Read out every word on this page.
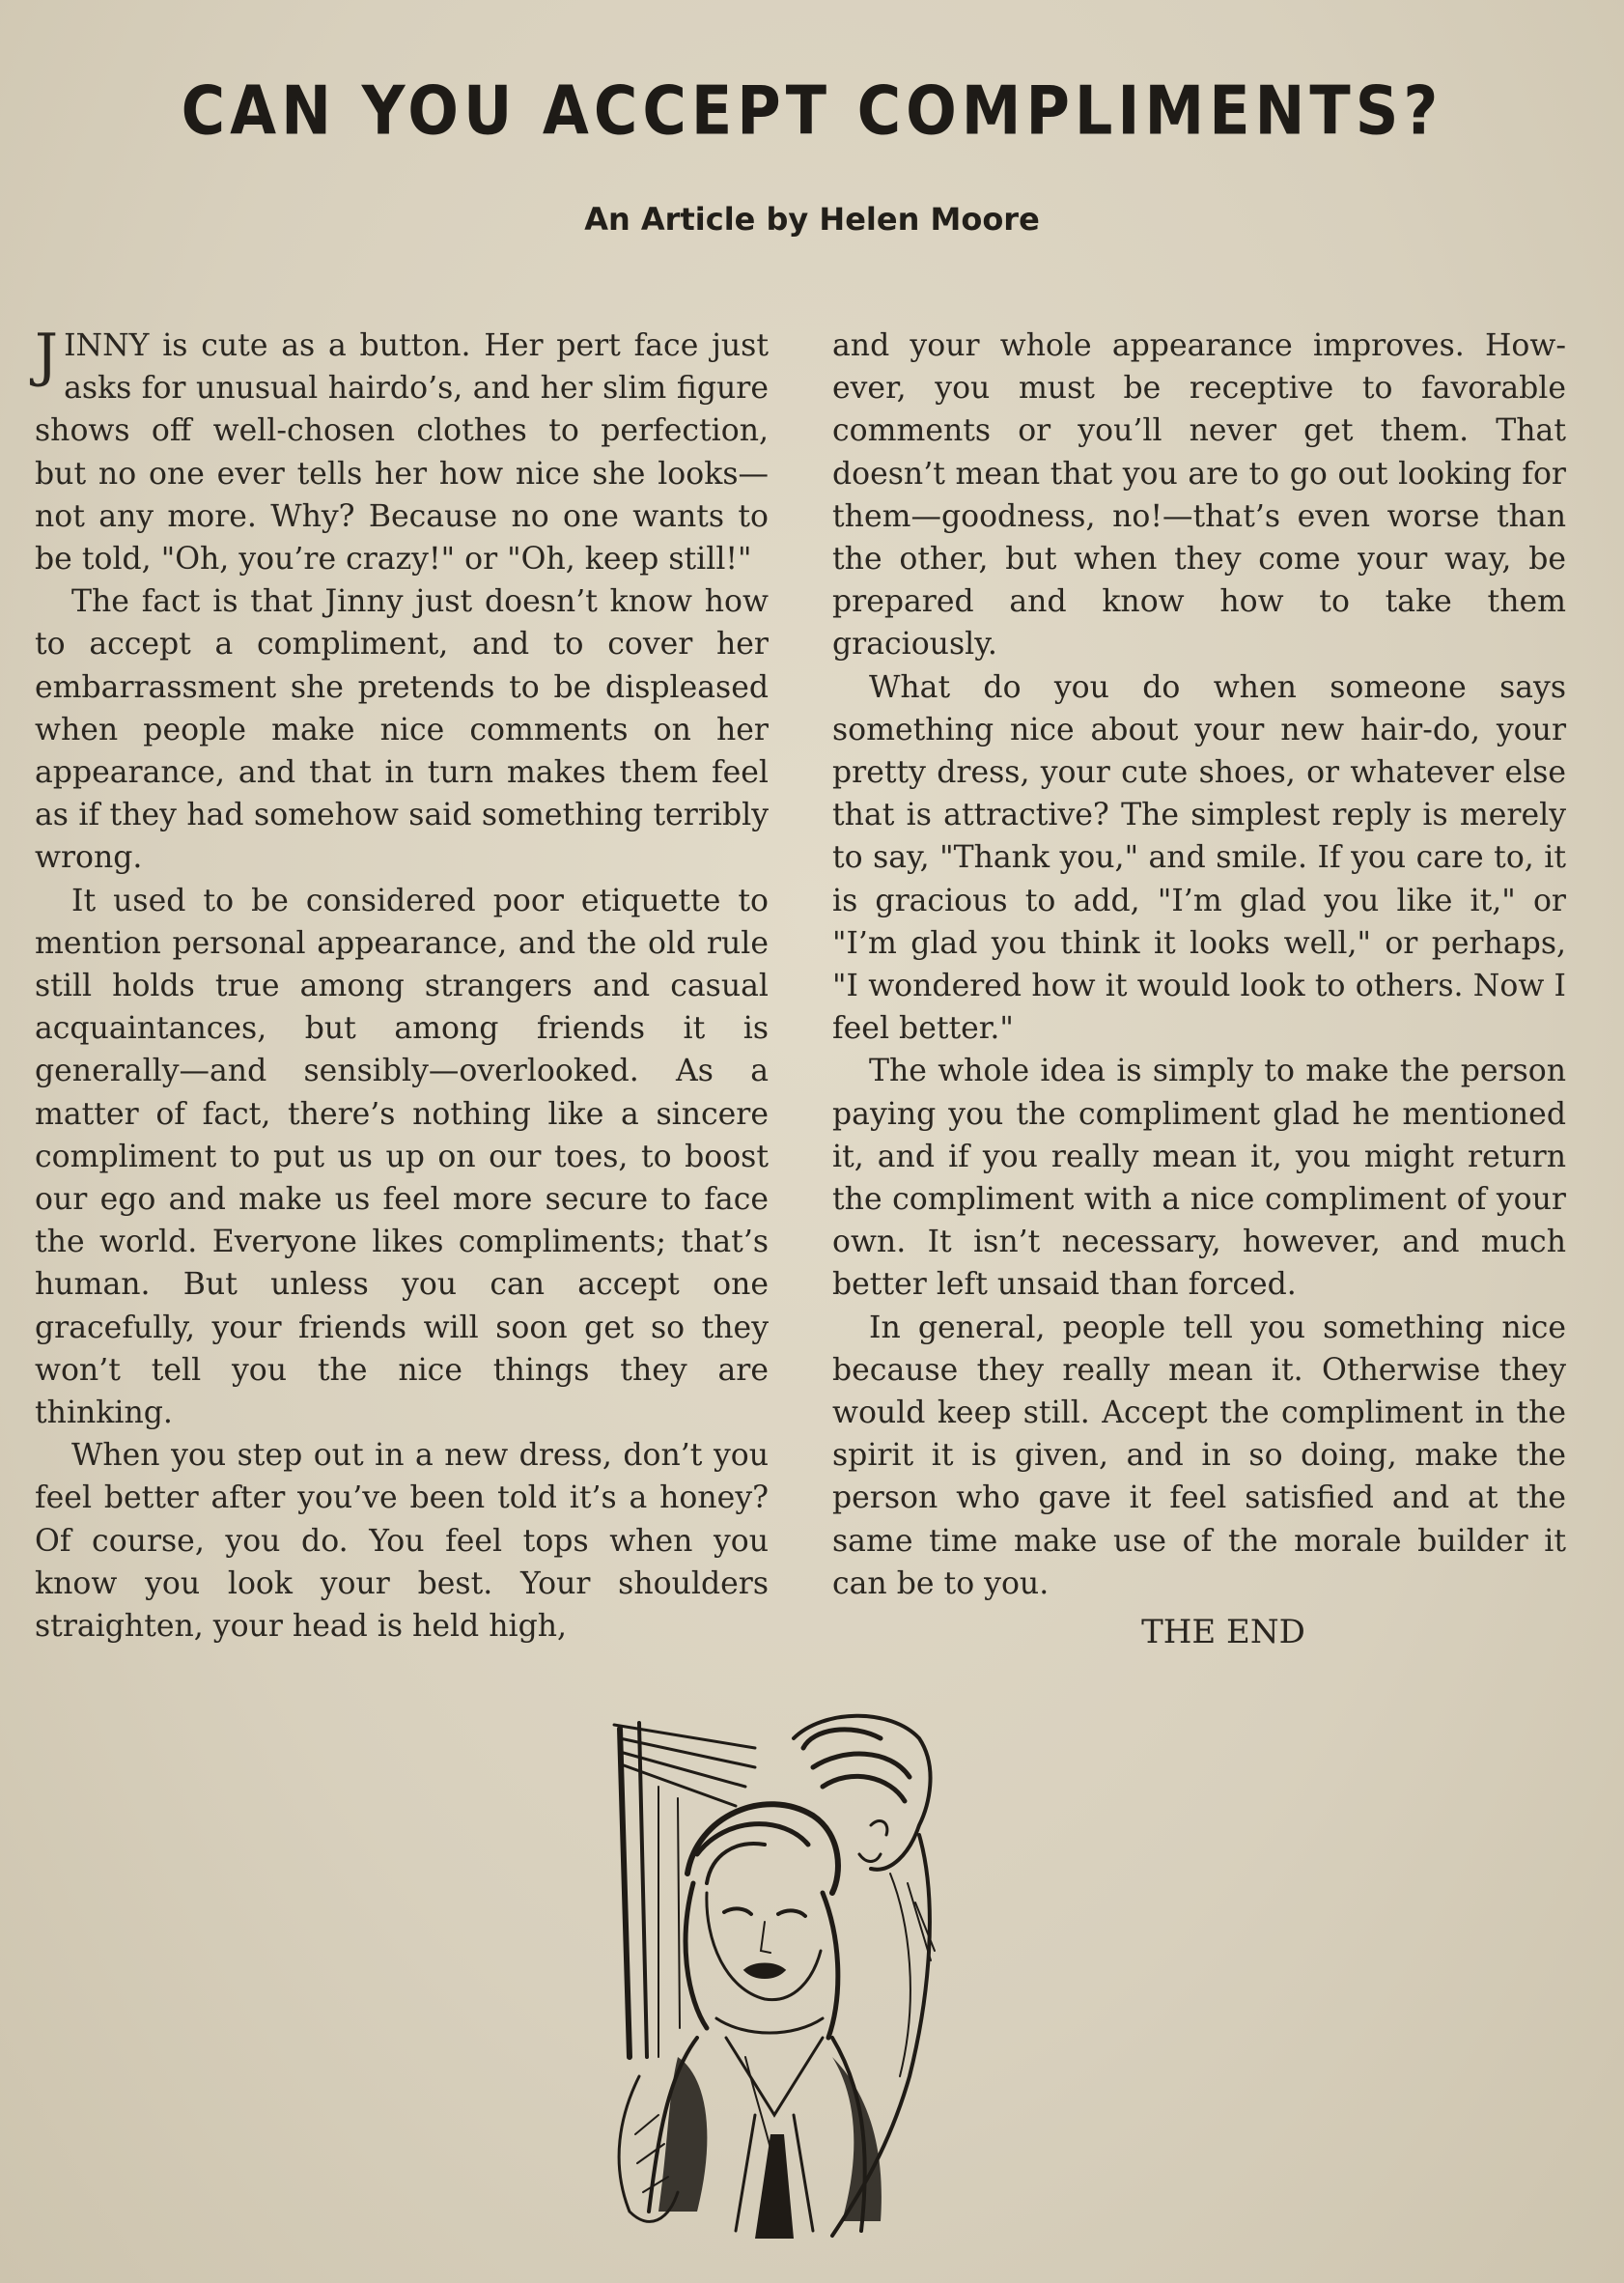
CAN YOU ACCEPT COMPLIMENTS?
An Article by Helen Moore

JINNY is cute as a button. Her pert face just asks for unusual hairdo’s, and her slim figure shows off well-chosen clothes to perfection, but no one ever tells her how nice she looks—not any more. Why? Because no one wants to be told, "Oh, you’re crazy!" or "Oh, keep still!"

The fact is that Jinny just doesn’t know how to accept a compliment, and to cover her embarrassment she pretends to be displeased when people make nice comments on her appearance, and that in turn makes them feel as if they had somehow said something terribly wrong.

It used to be considered poor etiquette to mention personal appearance, and the old rule still holds true among strangers and casual acquaintances, but among friends it is generally—and sensibly—overlooked. As a matter of fact, there’s nothing like a sincere compliment to put us up on our toes, to boost our ego and make us feel more secure to face the world. Everyone likes compliments; that’s human. But unless you can accept one gracefully, your friends will soon get so they won’t tell you the nice things they are thinking.

When you step out in a new dress, don’t you feel better after you’ve been told it’s a honey? Of course, you do. You feel tops when you know you look your best. Your shoulders straighten, your head is held high,

and your whole appearance improves. However, you must be receptive to favorable comments or you’ll never get them. That doesn’t mean that you are to go out looking for them—goodness, no!—that’s even worse than the other, but when they come your way, be prepared and know how to take them graciously.

What do you do when someone says something nice about your new hair-do, your pretty dress, your cute shoes, or whatever else that is attractive? The simplest reply is merely to say, "Thank you," and smile. If you care to, it is gracious to add, "I’m glad you like it," or "I’m glad you think it looks well," or perhaps, "I wondered how it would look to others. Now I feel better."

The whole idea is simply to make the person paying you the compliment glad he mentioned it, and if you really mean it, you might return the compliment with a nice compliment of your own. It isn’t necessary, however, and much better left unsaid than forced.

In general, people tell you something nice because they really mean it. Otherwise they would keep still. Accept the compliment in the spirit it is given, and in so doing, make the person who gave it feel satisfied and at the same time make use of the morale builder it can be to you.

THE END
